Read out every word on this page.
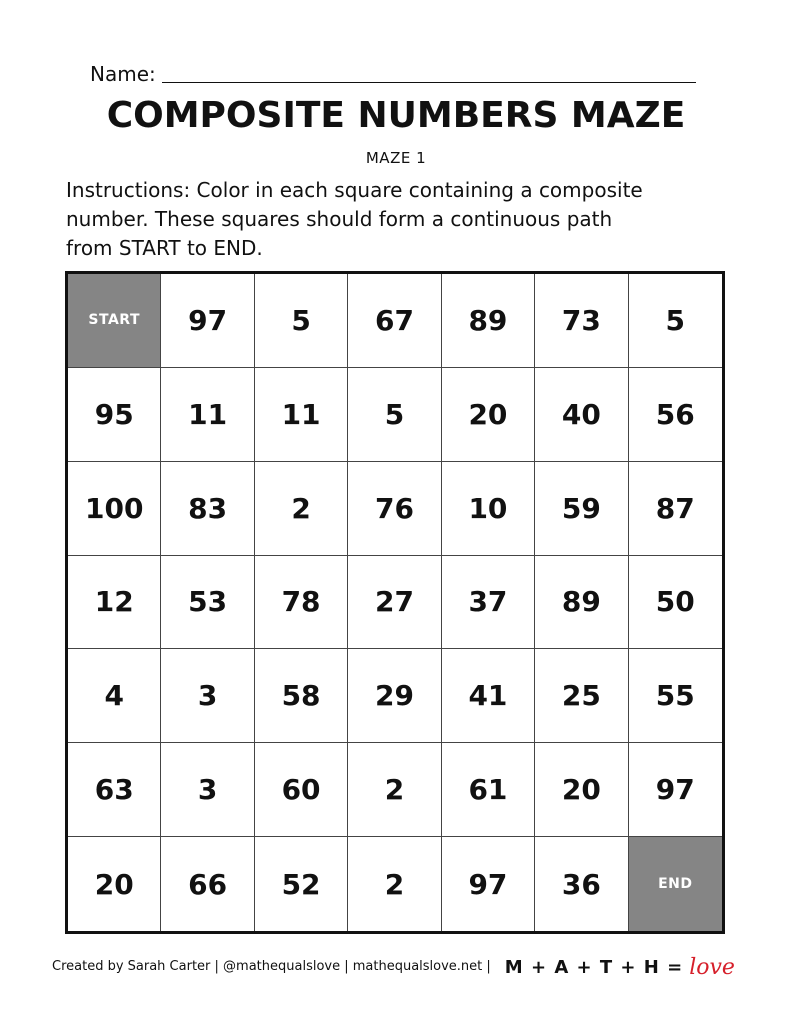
Name:
COMPOSITE NUMBERS MAZE
MAZE 1
Instructions: Color in each square containing a composite number. These squares should form a continuous path from START to END.
START	97	5	67	89	73	5
95	11	11	5	20	40	56
100	83	2	76	10	59	87
12	53	78	27	37	89	50
4	3	58	29	41	25	55
63	3	60	2	61	20	97
20	66	52	2	97	36	END
Created by Sarah Carter | @mathequalslove | mathequalslove.net | M + A + T + H = love
